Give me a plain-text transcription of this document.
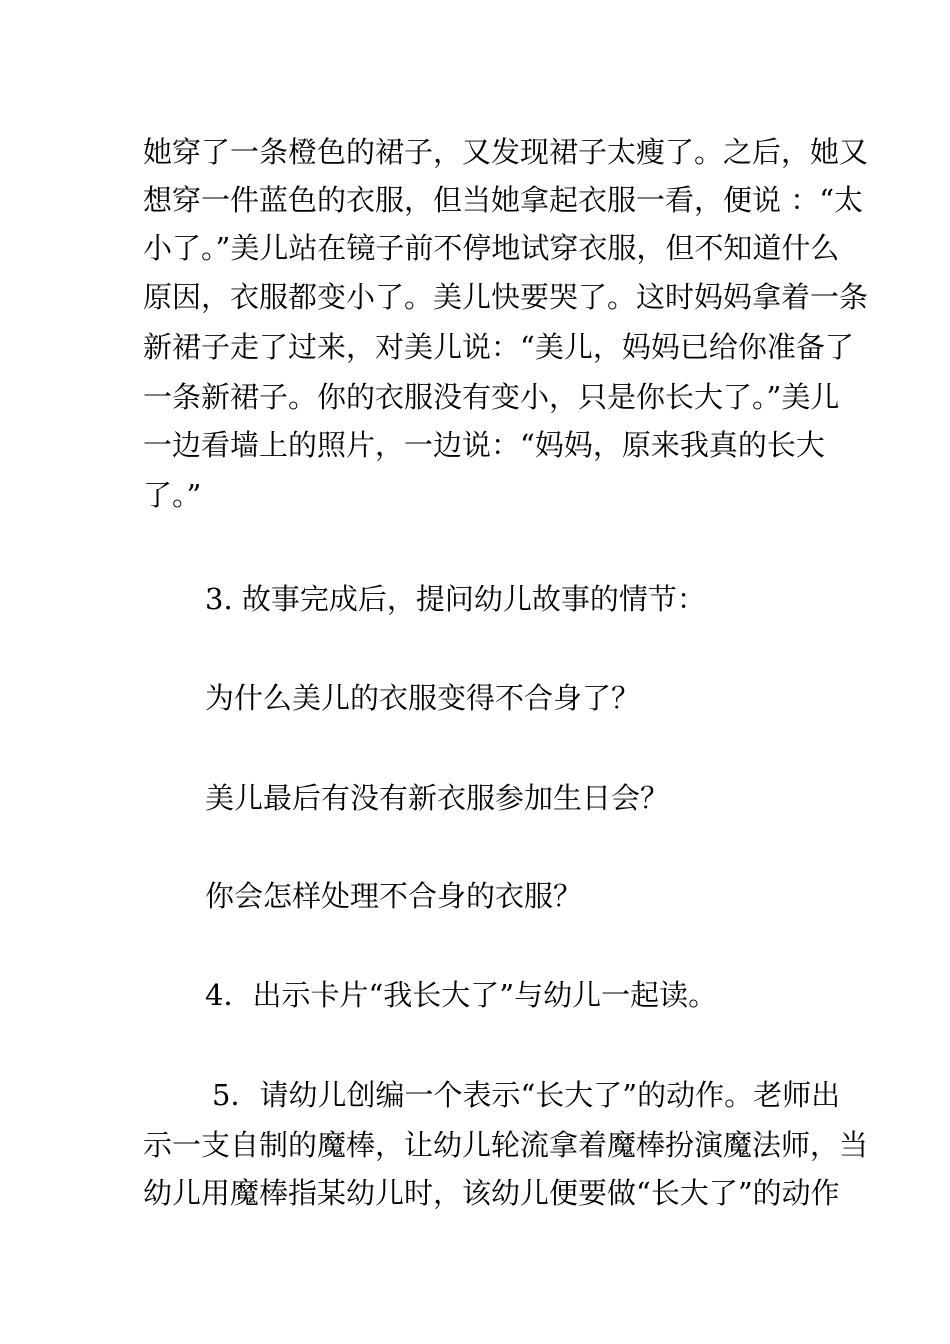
她穿了一条橙色的裙子，又发现裙子太瘦了。之后，她又
想穿一件蓝色的衣服，但当她拿起衣服一看，便说 ：“太
小了。”美儿站在镜子前不停地试穿衣服，但不知道什么
原因，衣服都变小了。美儿快要哭了。这时妈妈拿着一条
新裙子走了过来，对美儿说：“美儿，妈妈已给你准备了
一条新裙子。你的衣服没有变小，只是你长大了。”美儿
一边看墙上的照片，一边说：“妈妈，原来我真的长大
了。”
3. 故事完成后，提问幼儿故事的情节：
为什么美儿的衣服变得不合身了？
美儿最后有没有新衣服参加生日会？
你会怎样处理不合身的衣服？
4．出示卡片“我长大了”与幼儿一起读。
5．请幼儿创编一个表示“长大了”的动作。老师出
示一支自制的魔棒，让幼儿轮流拿着魔棒扮演魔法师，当
幼儿用魔棒指某幼儿时，该幼儿便要做“长大了”的动作
